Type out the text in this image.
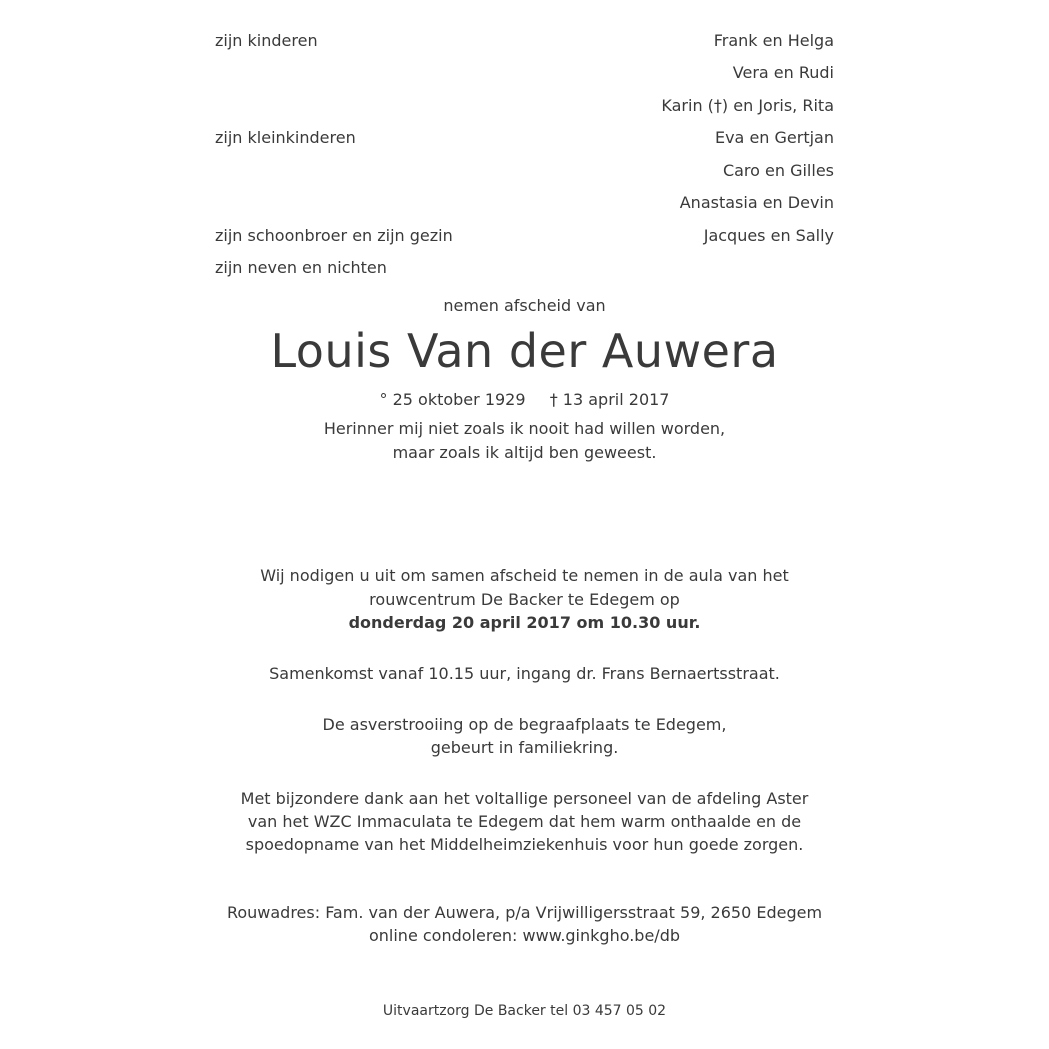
zijn kinderen	Frank en Helga
Vera en Rudi
Karin (†) en Joris, Rita
zijn kleinkinderen	Eva en Gertjan
Caro en Gilles
Anastasia en Devin
zijn schoonbroer en zijn gezin	Jacques en Sally
zijn neven en nichten
nemen afscheid van
Louis Van der Auwera
° 25 oktober 1929 † 13 april 2017
Herinner mij niet zoals ik nooit had willen worden,
maar zoals ik altijd ben geweest.
Wij nodigen u uit om samen afscheid te nemen in de aula van het
rouwcentrum De Backer te Edegem op
donderdag 20 april 2017 om 10.30 uur.
Samenkomst vanaf 10.15 uur, ingang dr. Frans Bernaertsstraat.
De asverstrooiing op de begraafplaats te Edegem,
gebeurt in familiekring.
Met bijzondere dank aan het voltallige personeel van de afdeling Aster
van het WZC Immaculata te Edegem dat hem warm onthaalde en de
spoedopname van het Middelheimziekenhuis voor hun goede zorgen.
Rouwadres: Fam. van der Auwera, p/a Vrijwilligersstraat 59, 2650 Edegem
online condoleren: www.ginkgho.be/db
Uitvaartzorg De Backer tel 03 457 05 02
